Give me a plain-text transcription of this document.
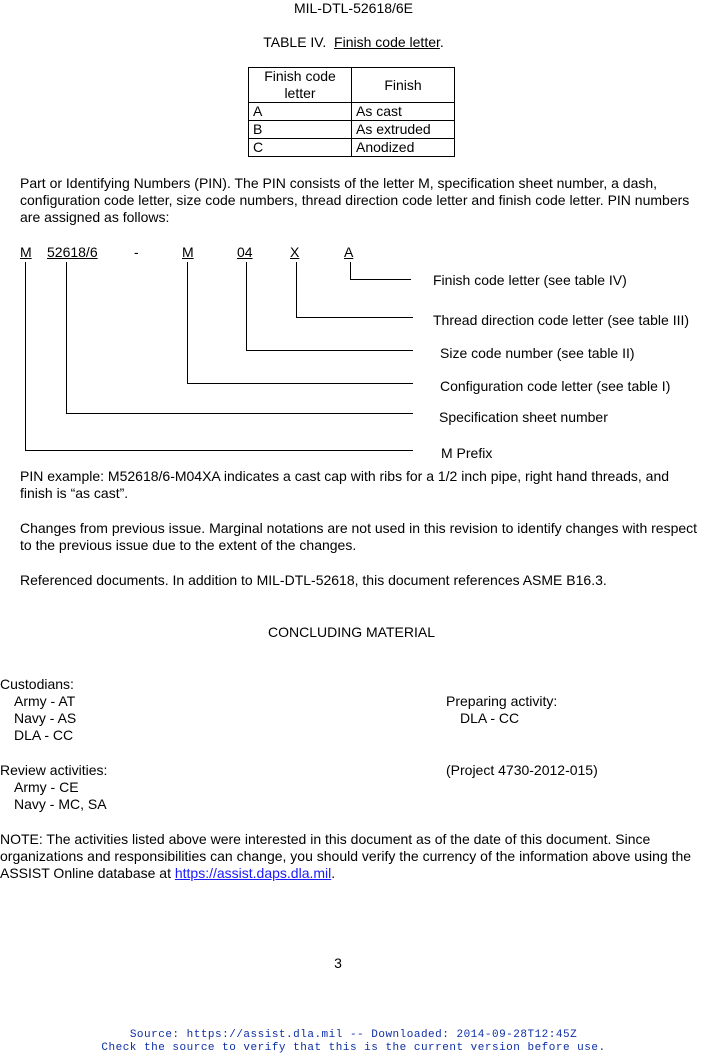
MIL-DTL-52618/6E
TABLE IV. Finish code letter.
Finish code letter	Finish
A	As cast
B	As extruded
C	Anodized
Part or Identifying Numbers (PIN). The PIN consists of the letter M, specification sheet number, a dash, configuration code letter, size code numbers, thread direction code letter and finish code letter. PIN numbers are assigned as follows:
M 52618/6	-	M	04	X	A
Finish code letter (see table IV)
Thread direction code letter (see table III)
Size code number (see table II)
Configuration code letter (see table I)
Specification sheet number
M Prefix
PIN example: M52618/6-M04XA indicates a cast cap with ribs for a 1/2 inch pipe, right hand threads, and finish is “as cast”.
Changes from previous issue. Marginal notations are not used in this revision to identify changes with respect to the previous issue due to the extent of the changes.
Referenced documents. In addition to MIL-DTL-52618, this document references ASME B16.3.
CONCLUDING MATERIAL
Custodians:
Army - AT
Navy - AS
DLA - CC
Preparing activity:
DLA - CC
Review activities:
Army - CE
Navy - MC, SA
(Project 4730-2012-015)
NOTE: The activities listed above were interested in this document as of the date of this document. Since organizations and responsibilities can change, you should verify the currency of the information above using the ASSIST Online database at https://assist.daps.dla.mil.
3
Source: https://assist.dla.mil -- Downloaded: 2014-09-28T12:45Z
Check the source to verify that this is the current version before use.
